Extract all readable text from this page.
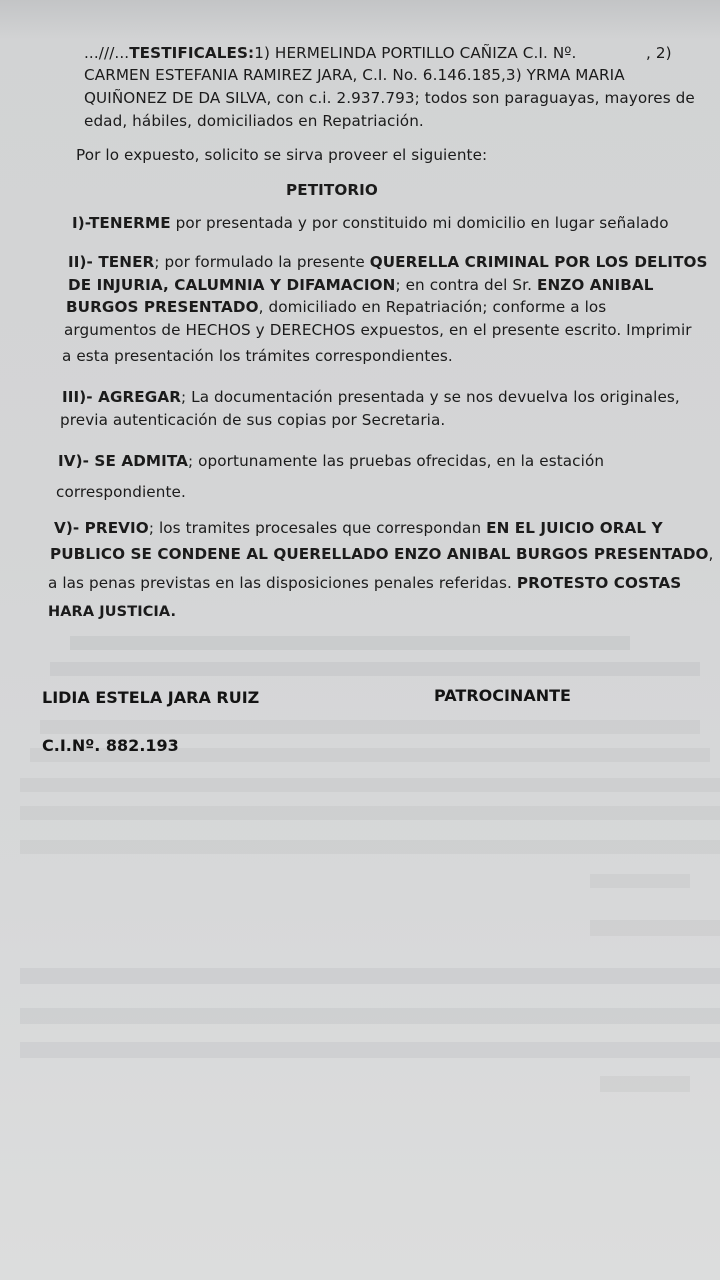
...///...TESTIFICALES:1) HERMELINDA PORTILLO CAÑIZA C.I. Nº.	, 2)
CARMEN ESTEFANIA RAMIREZ JARA, C.I. No. 6.146.185,3) YRMA MARIA
QUIÑONEZ DE DA SILVA, con c.i. 2.937.793; todos son paraguayas, mayores de
edad, hábiles, domiciliados en Repatriación.
Por lo expuesto, solicito se sirva proveer el siguiente:
PETITORIO
I)-TENERME por presentada y por constituido mi domicilio en lugar señalado
II)- TENER; por formulado la presente QUERELLA CRIMINAL POR LOS DELITOS
DE INJURIA, CALUMNIA Y DIFAMACION; en contra del Sr. ENZO ANIBAL
BURGOS PRESENTADO, domiciliado en Repatriación; conforme a los
argumentos de HECHOS y DERECHOS expuestos, en el presente escrito. Imprimir
a esta presentación los trámites correspondientes.
III)- AGREGAR; La documentación presentada y se nos devuelva los originales,
previa autenticación de sus copias por Secretaria.
IV)- SE ADMITA; oportunamente las pruebas ofrecidas, en la estación
correspondiente.
V)- PREVIO; los tramites procesales que correspondan EN EL JUICIO ORAL Y
PUBLICO SE CONDENE AL QUERELLADO ENZO ANIBAL BURGOS PRESENTADO,
a las penas previstas en las disposiciones penales referidas. PROTESTO COSTAS
HARA JUSTICIA.
LIDIA ESTELA JARA RUIZ	PATROCINANTE
C.I.Nº. 882.193
